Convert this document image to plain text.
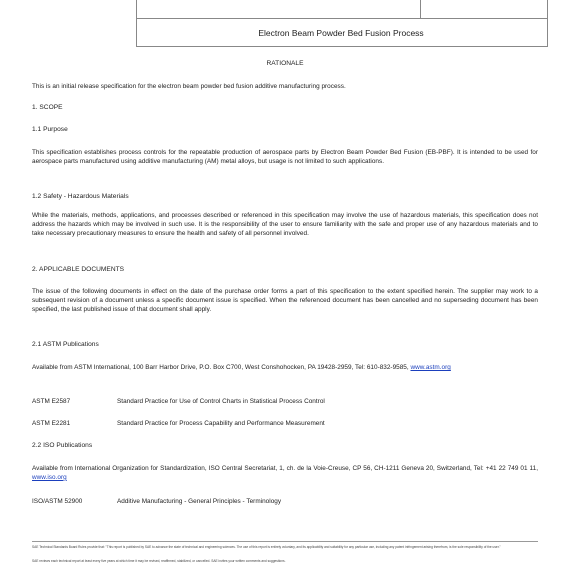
Electron Beam Powder Bed Fusion Process
RATIONALE
This is an initial release specification for the electron beam powder bed fusion additive manufacturing process.
1. SCOPE
1.1 Purpose
This specification establishes process controls for the repeatable production of aerospace parts by Electron Beam Powder Bed Fusion (EB-PBF). It is intended to be used for aerospace parts manufactured using additive manufacturing (AM) metal alloys, but usage is not limited to such applications.
1.2 Safety - Hazardous Materials
While the materials, methods, applications, and processes described or referenced in this specification may involve the use of hazardous materials, this specification does not address the hazards which may be involved in such use. It is the responsibility of the user to ensure familiarity with the safe and proper use of any hazardous materials and to take necessary precautionary measures to ensure the health and safety of all personnel involved.
2. APPLICABLE DOCUMENTS
The issue of the following documents in effect on the date of the purchase order forms a part of this specification to the extent specified herein. The supplier may work to a subsequent revision of a document unless a specific document issue is specified. When the referenced document has been cancelled and no superseding document has been specified, the last published issue of that document shall apply.
2.1 ASTM Publications
Available from ASTM International, 100 Barr Harbor Drive, P.O. Box C700, West Conshohocken, PA 19428-2959, Tel: 610-832-9585, www.astm.org
ASTM E2587	Standard Practice for Use of Control Charts in Statistical Process Control
ASTM E2281	Standard Practice for Process Capability and Performance Measurement
2.2 ISO Publications
Available from International Organization for Standardization, ISO Central Secretariat, 1, ch. de la Voie-Creuse, CP 56, CH-1211 Geneva 20, Switzerland, Tel: +41 22 749 01 11, www.iso.org
ISO/ASTM 52900	Additive Manufacturing - General Principles - Terminology
SAE Technical Standards Board Rules provide that: "This report is published by SAE to advance the state of technical and engineering sciences. The use of this report is entirely voluntary, and its applicability and suitability for any particular use, including any patent infringement arising therefrom, is the sole responsibility of the user."
SAE reviews each technical report at least every five years at which time it may be revised, reaffirmed, stabilized, or cancelled. SAE invites your written comments and suggestions.
